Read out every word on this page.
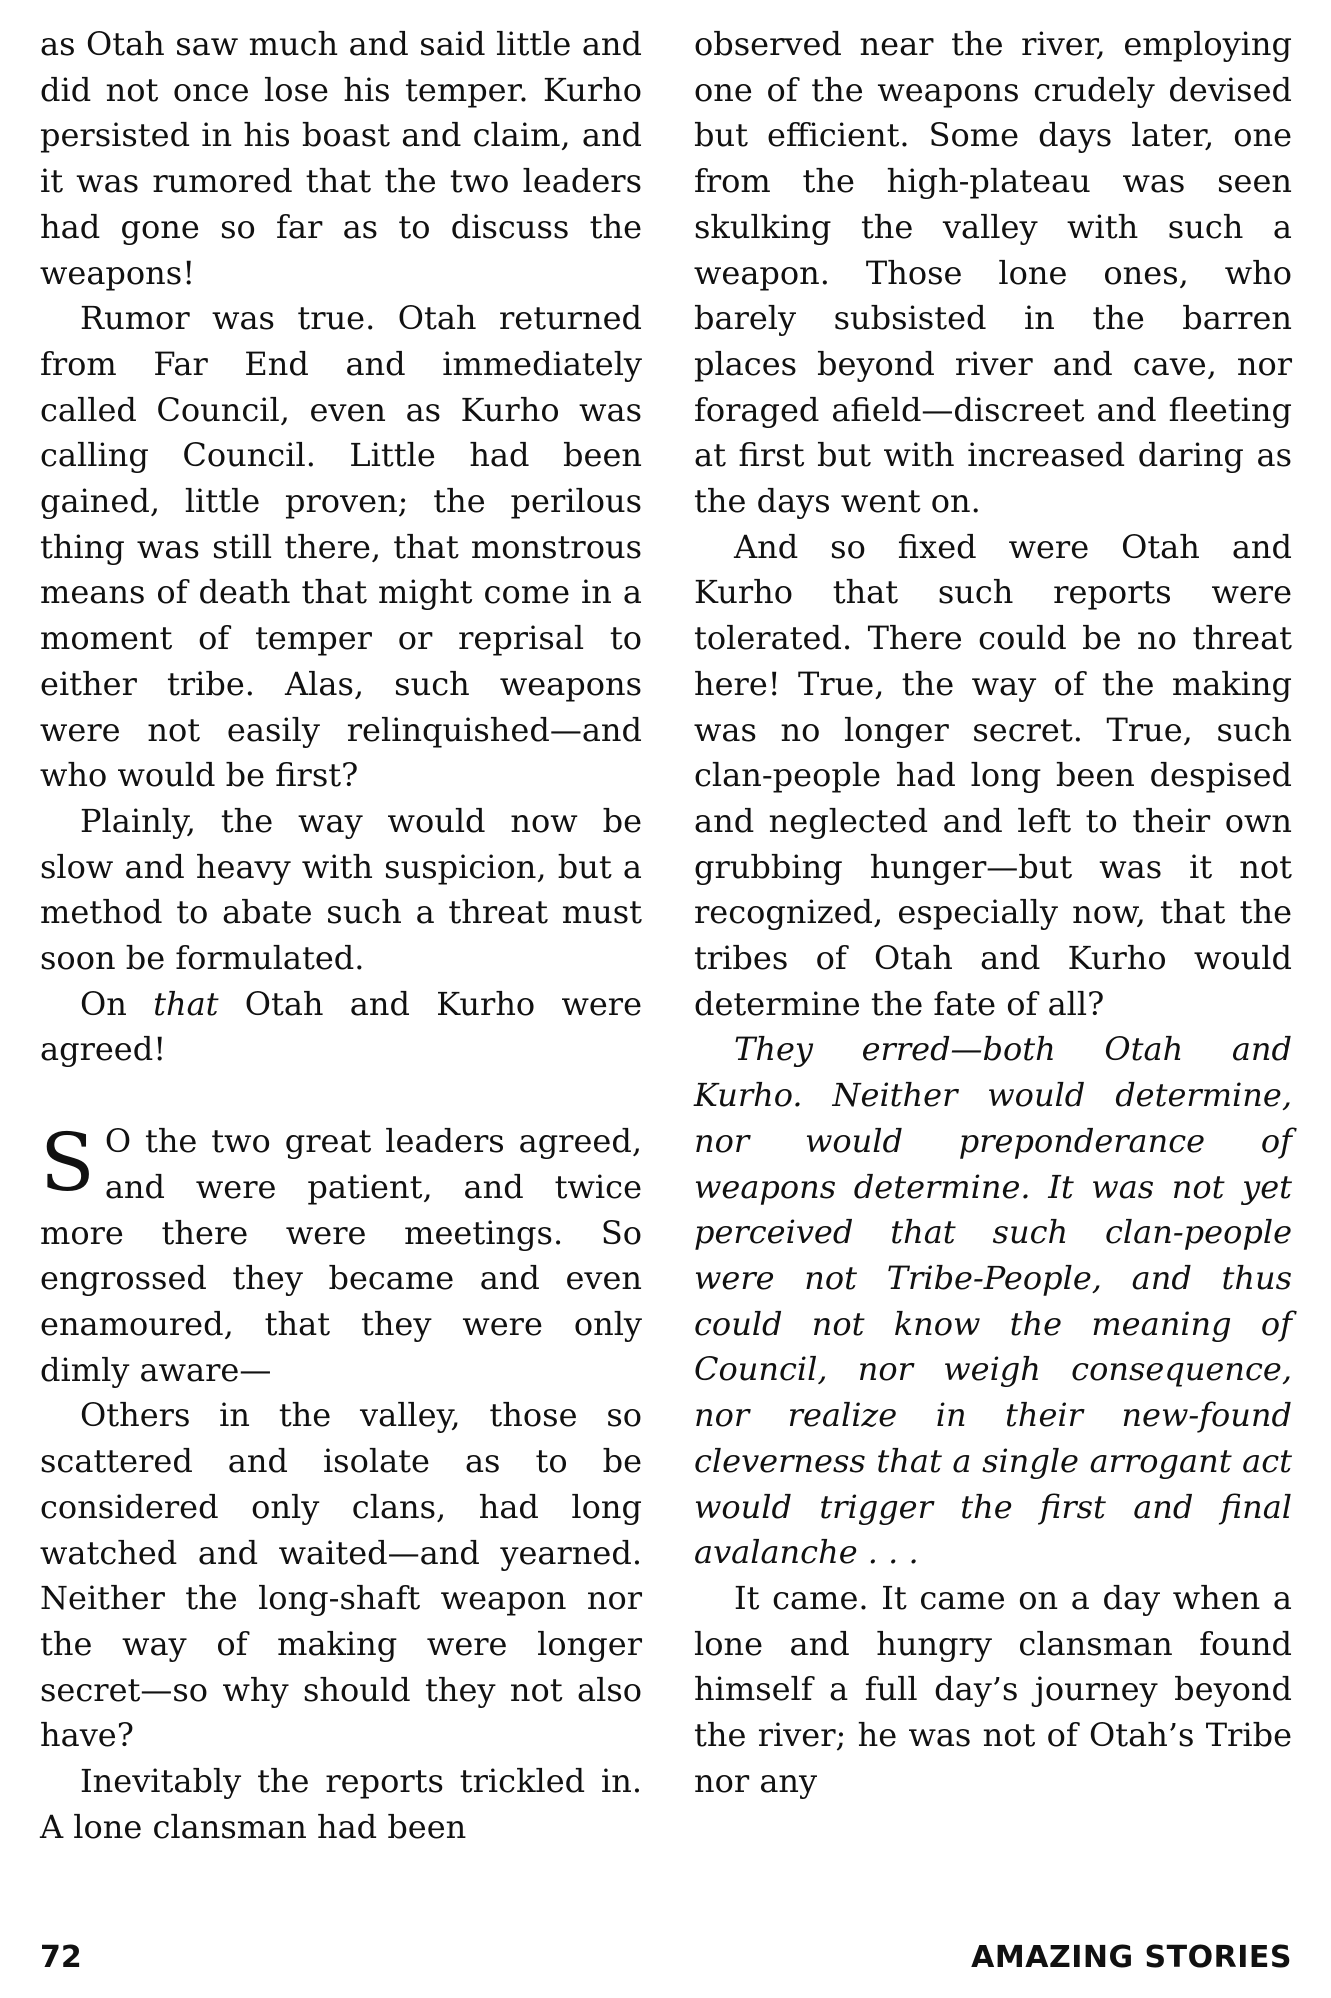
as Otah saw much and said little and did not once lose his temper. Kurho persisted in his boast and claim, and it was rumored that the two leaders had gone so far as to discuss the weapons!

Rumor was true. Otah returned from Far End and immediately called Council, even as Kurho was calling Council. Little had been gained, little proven; the perilous thing was still there, that monstrous means of death that might come in a moment of temper or reprisal to either tribe. Alas, such weapons were not easily relinquished—and who would be first?

Plainly, the way would now be slow and heavy with suspicion, but a method to abate such a threat must soon be formulated.

On that Otah and Kurho were agreed!

S O the two great leaders agreed, and were patient, and twice more there were meetings. So engrossed they became and even enamoured, that they were only dimly aware—

Others in the valley, those so scattered and isolate as to be considered only clans, had long watched and waited—and yearned. Neither the long-shaft weapon nor the way of making were longer secret—so why should they not also have?

Inevitably the reports trickled in. A lone clansman had been

observed near the river, employing one of the weapons crudely devised but efficient. Some days later, one from the high-plateau was seen skulking the valley with such a weapon. Those lone ones, who barely subsisted in the barren places beyond river and cave, nor foraged afield—discreet and fleeting at first but with increased daring as the days went on.

And so fixed were Otah and Kurho that such reports were tolerated. There could be no threat here! True, the way of the making was no longer secret. True, such clan-people had long been despised and neglected and left to their own grubbing hunger—but was it not recognized, especially now, that the tribes of Otah and Kurho would determine the fate of all?

They erred—both Otah and Kurho. Neither would determine, nor would preponderance of weapons determine. It was not yet perceived that such clan-people were not Tribe-People, and thus could not know the meaning of Council, nor weigh consequence, nor realize in their new-found cleverness that a single arrogant act would trigger the first and final avalanche . . .

It came. It came on a day when a lone and hungry clansman found himself a full day’s journey beyond the river; he was not of Otah’s Tribe nor any

72	AMAZING STORIES
